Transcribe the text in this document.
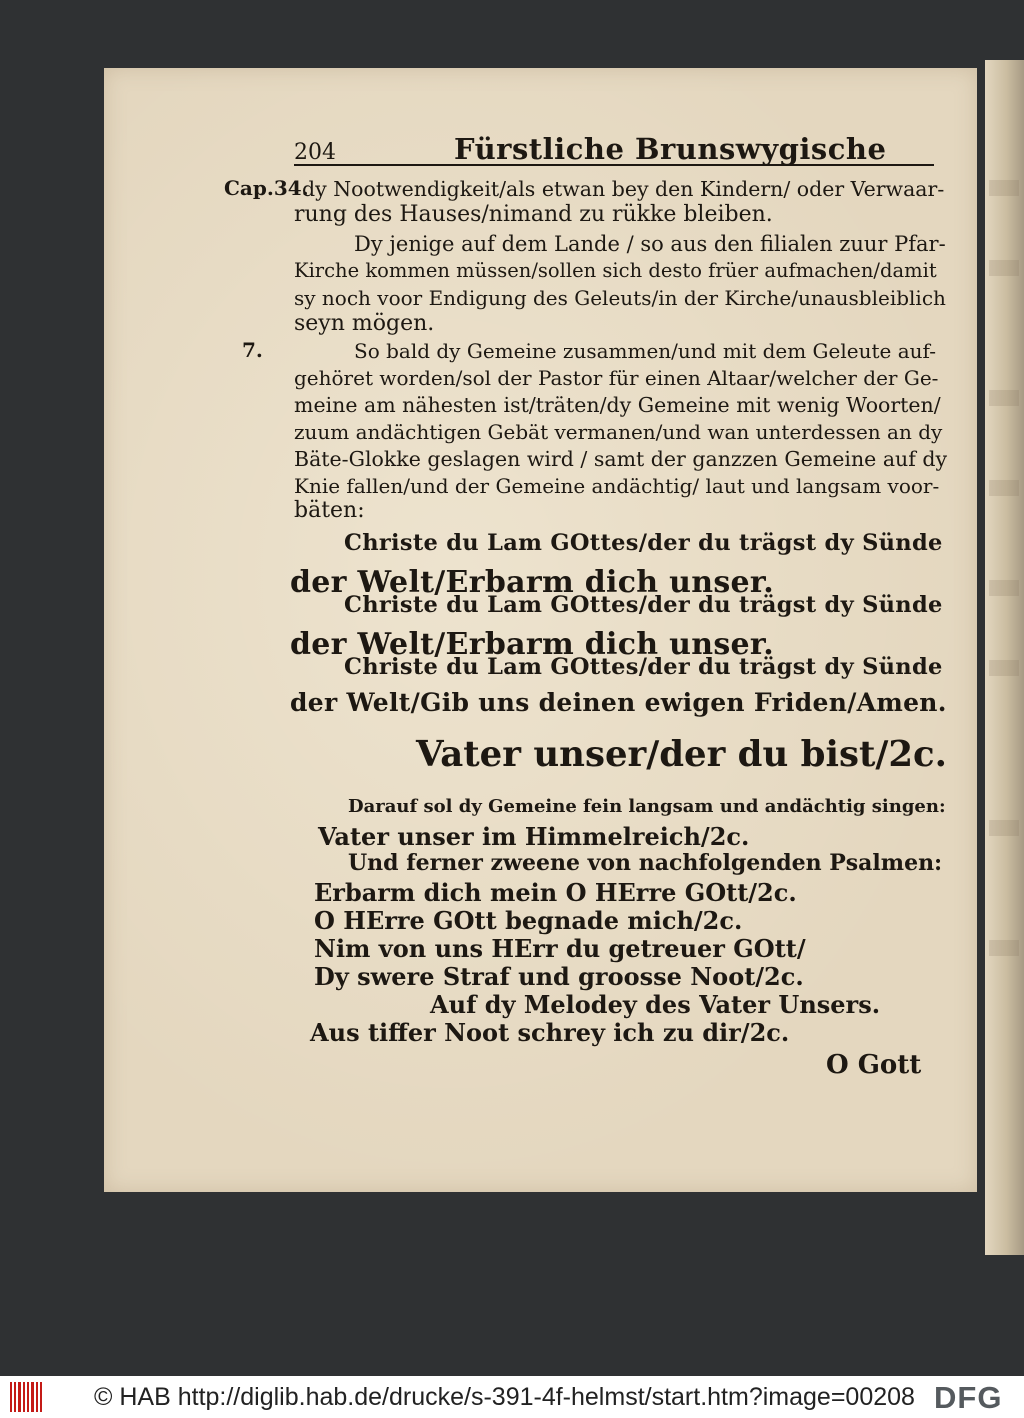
204	Fürstliche Brunswygische
Cap.34.
7.
dy Nootwendigkeit/als etwan bey den Kindern/ oder Verwaar-
rung des Hauses/nimand zu rükke bleiben.
Dy jenige auf dem Lande / so aus den filialen zuur Pfar-
Kirche kommen müssen/sollen sich desto früer aufmachen/damit
sy noch voor Endigung des Geleuts/in der Kirche/unausbleiblich
seyn mögen.
So bald dy Gemeine zusammen/und mit dem Geleute auf-
gehöret worden/sol der Pastor für einen Altaar/welcher der Ge-
meine am nähesten ist/träten/dy Gemeine mit wenig Woorten/
zuum andächtigen Gebät vermanen/und wan unterdessen an dy
Bäte-Glokke geslagen wird / samt der ganzzen Gemeine auf dy
Knie fallen/und der Gemeine andächtig/ laut und langsam voor-
bäten:
Christe du Lam GOttes/der du trägst dy Sünde
der Welt/Erbarm dich unser.
Christe du Lam GOttes/der du trägst dy Sünde
der Welt/Erbarm dich unser.
Christe du Lam GOttes/der du trägst dy Sünde
der Welt/Gib uns deinen ewigen Friden/Amen.
Vater unser/der du bist/2c.
Darauf sol dy Gemeine fein langsam und andächtig singen:
Vater unser im Himmelreich/2c.
Und ferner zweene von nachfolgenden Psalmen:
Erbarm dich mein O HErre GOtt/2c.
O HErre GOtt begnade mich/2c.
Nim von uns HErr du getreuer GOtt/
Dy swere Straf und groosse Noot/2c.
Auf dy Melodey des Vater Unsers.
Aus tiffer Noot schrey ich zu dir/2c.
O Gott
© HAB http://diglib.hab.de/drucke/s-391-4f-helmst/start.htm?image=00208 DFG
